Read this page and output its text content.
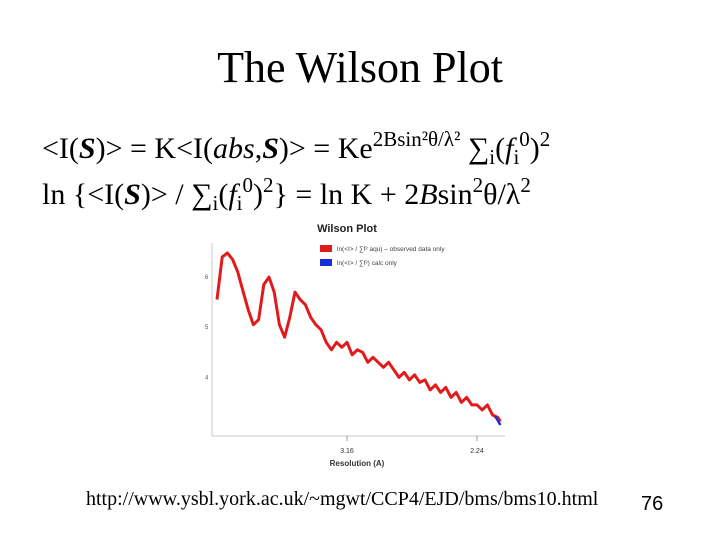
The Wilson Plot
$<I(S)> = K<I(abs,S)> = Ke^{2Bsin^2\theta/\lambda^2}$ $\sum_i(f_i^0)^2$
$\ln \{<I(S)> / \sum_i(f_i^0)^2\} = \ln K + 2Bsin^2\theta/\lambda^2$
Wilson Plot
ln(<I> / ∑f² aqu) – observed data only
ln(<I> / ∑f²) calc only
6
5
4
3.16	2.24
Resolution (A)
http://www.ysbl.york.ac.uk/~mgwt/CCP4/EJD/bms/bms10.html 76
